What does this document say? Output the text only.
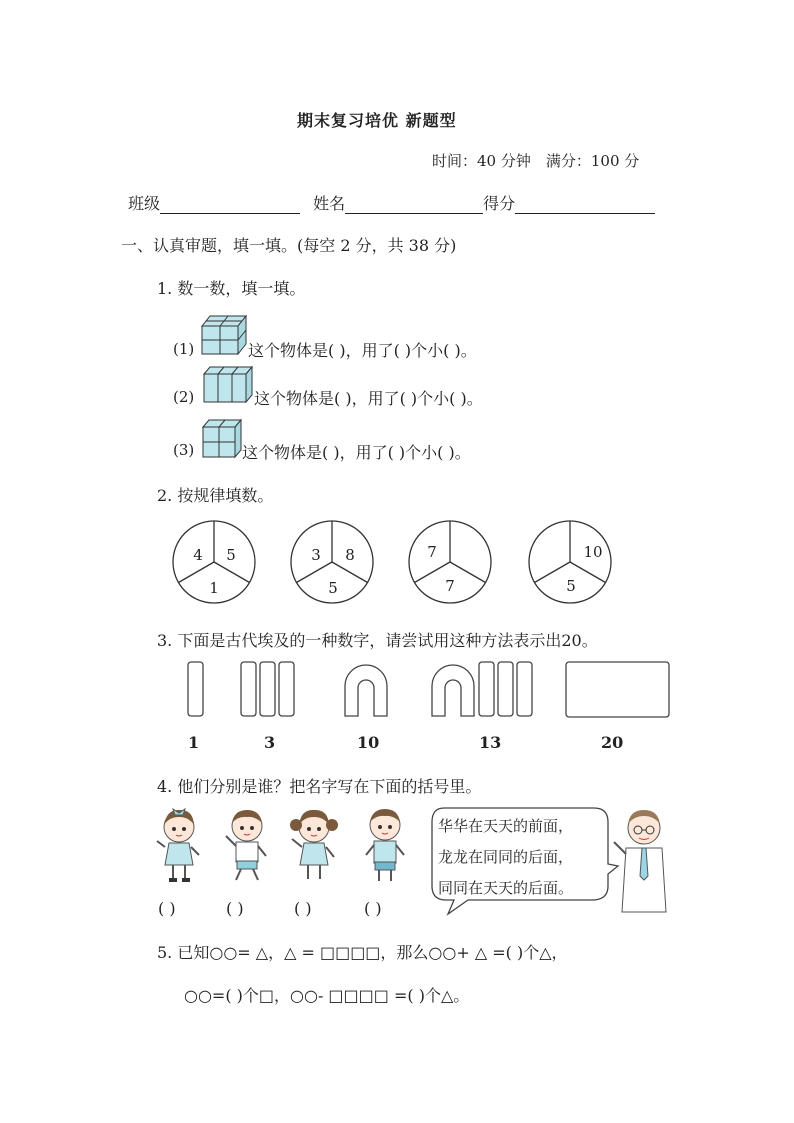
期末复习培优 新题型
时间：40 分钟　满分：100 分
班级	姓名	得分
一、认真审题，填一填。(每空 2 分，共 38 分)
1. 数一数，填一填。
(1)	这个物体是( )，用了( )个小( )。
(2)	这个物体是( )，用了( )个小( )。
(3)	这个物体是( )，用了( )个小( )。
2. 按规律填数。
4	5
1
3	8
5
7
7
10
5
3. 下面是古代埃及的一种数字，请尝试用这种方法表示出20。
1	3	10	13	20
4. 他们分别是谁？把名字写在下面的括号里。
华华在天天的前面，
龙龙在同同的后面，
同同在天天的后面。
( )	( )	( )	( )
5. 已知○○= △，△ = □□□□，那么○○+ △ =( )个△，
○○=( )个□，○○- □□□□ =( )个△。
